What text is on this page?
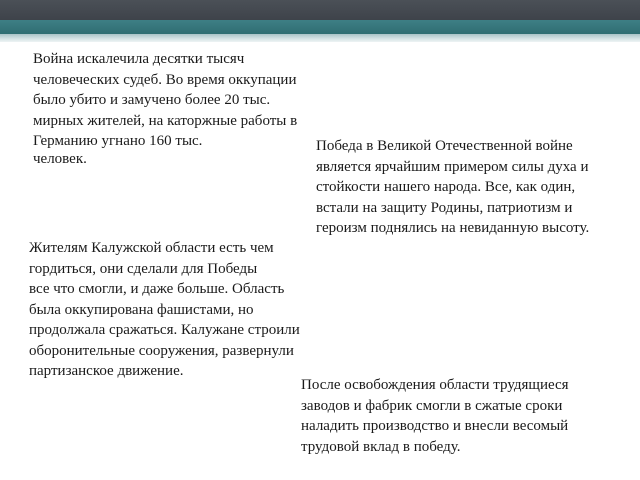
Война искалечила десятки тысяч
человеческих судеб. Во время оккупации
было убито и замучено более 20 тыс.
мирных жителей, на каторжные работы в
Германию угнано 160 тыс.
человек.
Победа в Великой Отечественной войне
является ярчайшим примером силы духа и
стойкости нашего народа. Все, как один,
встали на защиту Родины, патриотизм и
героизм поднялись на невиданную высоту.
Жителям Калужской области есть чем
гордиться, они сделали для Победы
все что смогли, и даже больше. Область
была оккупирована фашистами, но
продолжала сражаться. Калужане строили
оборонительные сооружения, развернули
партизанское движение.
После освобождения области трудящиеся
заводов и фабрик смогли в сжатые сроки
наладить производство и внесли весомый
трудовой вклад в победу.
